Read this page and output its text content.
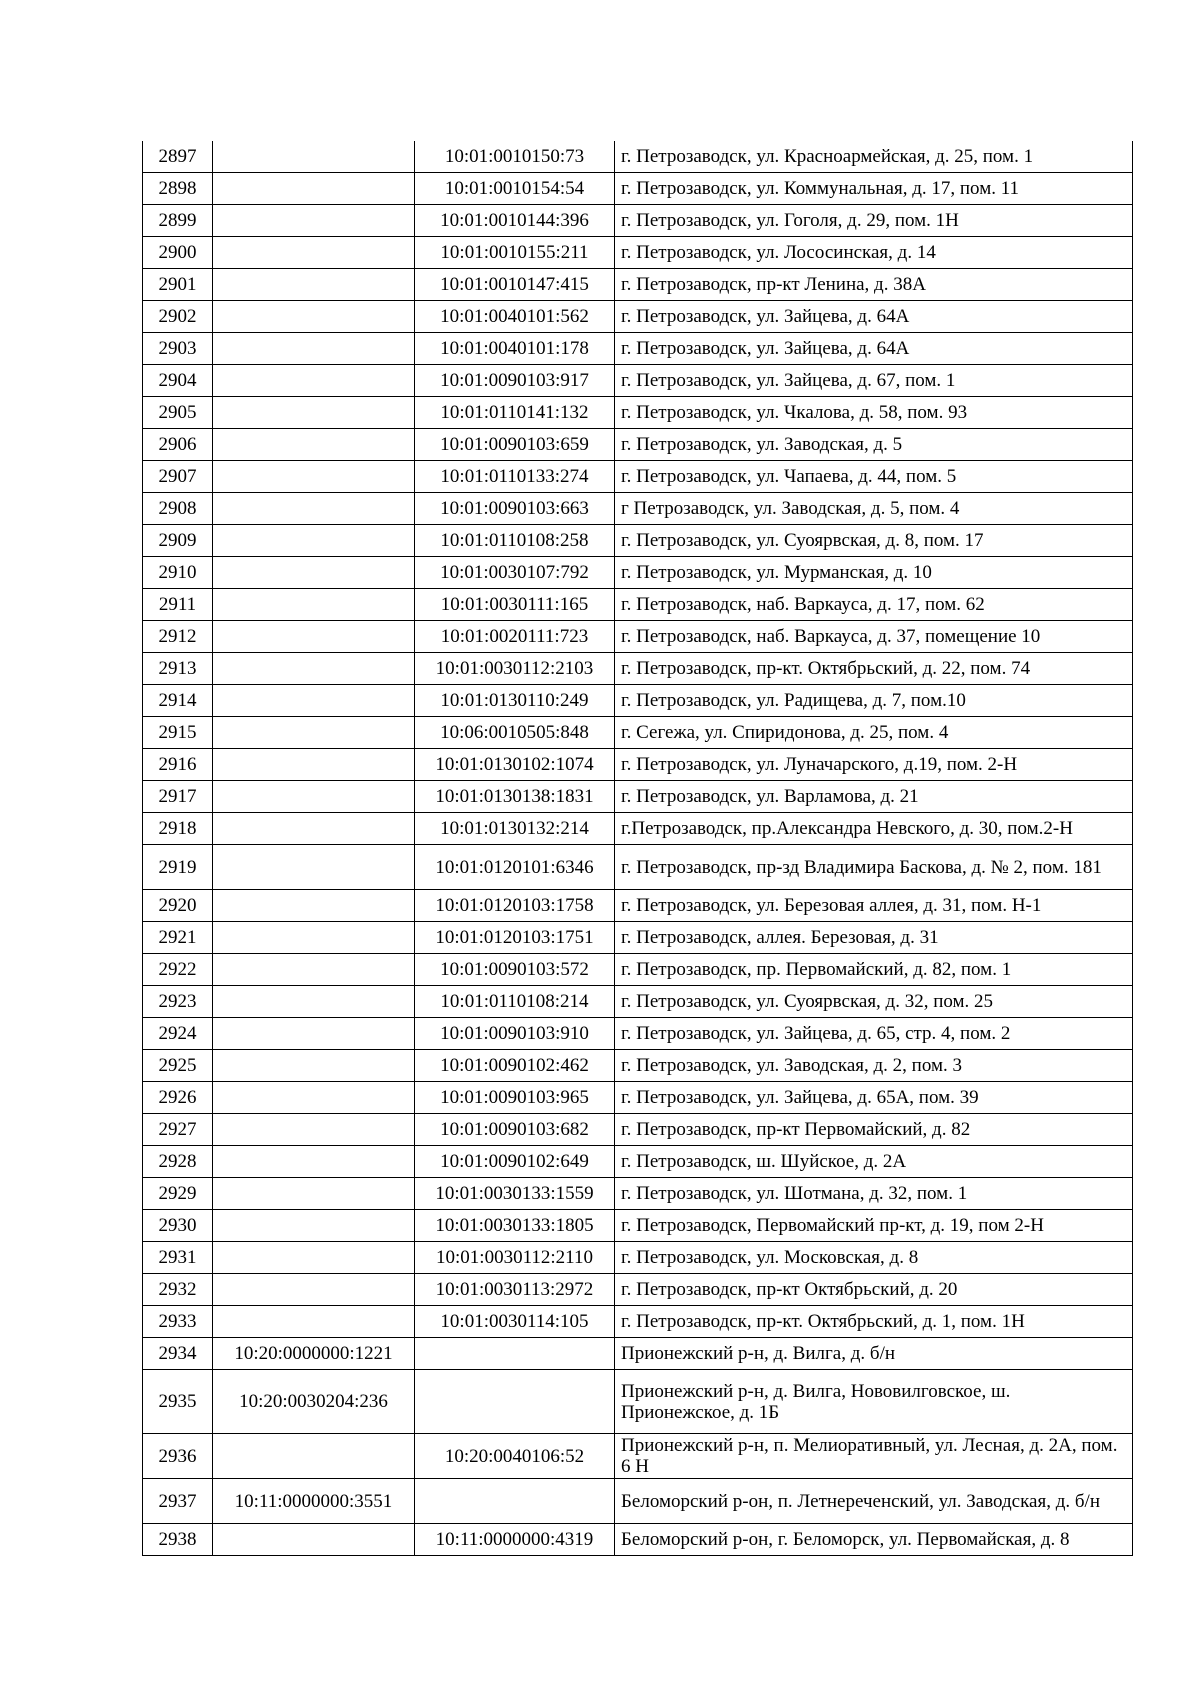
2897		10:01:0010150:73	г. Петрозаводск, ул. Красноармейская, д. 25, пом. 1
2898		10:01:0010154:54	г. Петрозаводск, ул. Коммунальная, д. 17, пом. 11
2899		10:01:0010144:396	г. Петрозаводск, ул. Гоголя, д. 29, пом. 1Н
2900		10:01:0010155:211	г. Петрозаводск, ул. Лососинская, д. 14
2901		10:01:0010147:415	г. Петрозаводск, пр-кт Ленина, д. 38А
2902		10:01:0040101:562	г. Петрозаводск, ул. Зайцева, д. 64А
2903		10:01:0040101:178	г. Петрозаводск, ул. Зайцева, д. 64А
2904		10:01:0090103:917	г. Петрозаводск, ул. Зайцева, д. 67, пом. 1
2905		10:01:0110141:132	г. Петрозаводск, ул. Чкалова, д. 58, пом. 93
2906		10:01:0090103:659	г. Петрозаводск, ул. Заводская, д. 5
2907		10:01:0110133:274	г. Петрозаводск, ул. Чапаева, д. 44, пом. 5
2908		10:01:0090103:663	г Петрозаводск, ул. Заводская, д. 5, пом. 4
2909		10:01:0110108:258	г. Петрозаводск, ул. Суоярвская, д. 8, пом. 17
2910		10:01:0030107:792	г. Петрозаводск, ул. Мурманская, д. 10
2911		10:01:0030111:165	г. Петрозаводск, наб. Варкауса, д. 17, пом. 62
2912		10:01:0020111:723	г. Петрозаводск, наб. Варкауса, д. 37, помещение 10
2913		10:01:0030112:2103	г. Петрозаводск, пр-кт. Октябрьский, д. 22, пом. 74
2914		10:01:0130110:249	г. Петрозаводск, ул. Радищева, д. 7, пом.10
2915		10:06:0010505:848	г. Сегежа, ул. Спиридонова, д. 25, пом. 4
2916		10:01:0130102:1074	г. Петрозаводск, ул. Луначарского, д.19, пом. 2-Н
2917		10:01:0130138:1831	г. Петрозаводск, ул. Варламова, д. 21
2918		10:01:0130132:214	г.Петрозаводск, пр.Александра Невского, д. 30, пом.2-Н
2919		10:01:0120101:6346	г. Петрозаводск, пр-зд Владимира Баскова, д. № 2, пом. 181
2920		10:01:0120103:1758	г. Петрозаводск, ул. Березовая аллея, д. 31, пом. Н-1
2921		10:01:0120103:1751	г. Петрозаводск, аллея. Березовая, д. 31
2922		10:01:0090103:572	г. Петрозаводск, пр. Первомайский, д. 82, пом. 1
2923		10:01:0110108:214	г. Петрозаводск, ул. Суоярвская, д. 32, пом. 25
2924		10:01:0090103:910	г. Петрозаводск, ул. Зайцева, д. 65, стр. 4, пом. 2
2925		10:01:0090102:462	г. Петрозаводск, ул. Заводская, д. 2, пом. 3
2926		10:01:0090103:965	г. Петрозаводск, ул. Зайцева, д. 65А, пом. 39
2927		10:01:0090103:682	г. Петрозаводск, пр-кт Первомайский, д. 82
2928		10:01:0090102:649	г. Петрозаводск, ш. Шуйское, д. 2А
2929		10:01:0030133:1559	г. Петрозаводск, ул. Шотмана, д. 32, пом. 1
2930		10:01:0030133:1805	г. Петрозаводск, Первомайский пр-кт, д. 19, пом 2-Н
2931		10:01:0030112:2110	г. Петрозаводск, ул. Московская, д. 8
2932		10:01:0030113:2972	г. Петрозаводск, пр-кт Октябрьский, д. 20
2933		10:01:0030114:105	г. Петрозаводск, пр-кт. Октябрьский, д. 1, пом. 1Н
2934	10:20:0000000:1221		Прионежский р-н, д. Вилга, д. б/н
2935	10:20:0030204:236		Прионежский р-н, д. Вилга, Нововилговское, ш. Прионежское, д. 1Б
2936		10:20:0040106:52	Прионежский р-н, п. Мелиоративный, ул. Лесная, д. 2А, пом. 6 Н
2937	10:11:0000000:3551		Беломорский р-он, п. Летнереченский, ул. Заводская, д. б/н
2938		10:11:0000000:4319	Беломорский р-он, г. Беломорск, ул. Первомайская, д. 8
